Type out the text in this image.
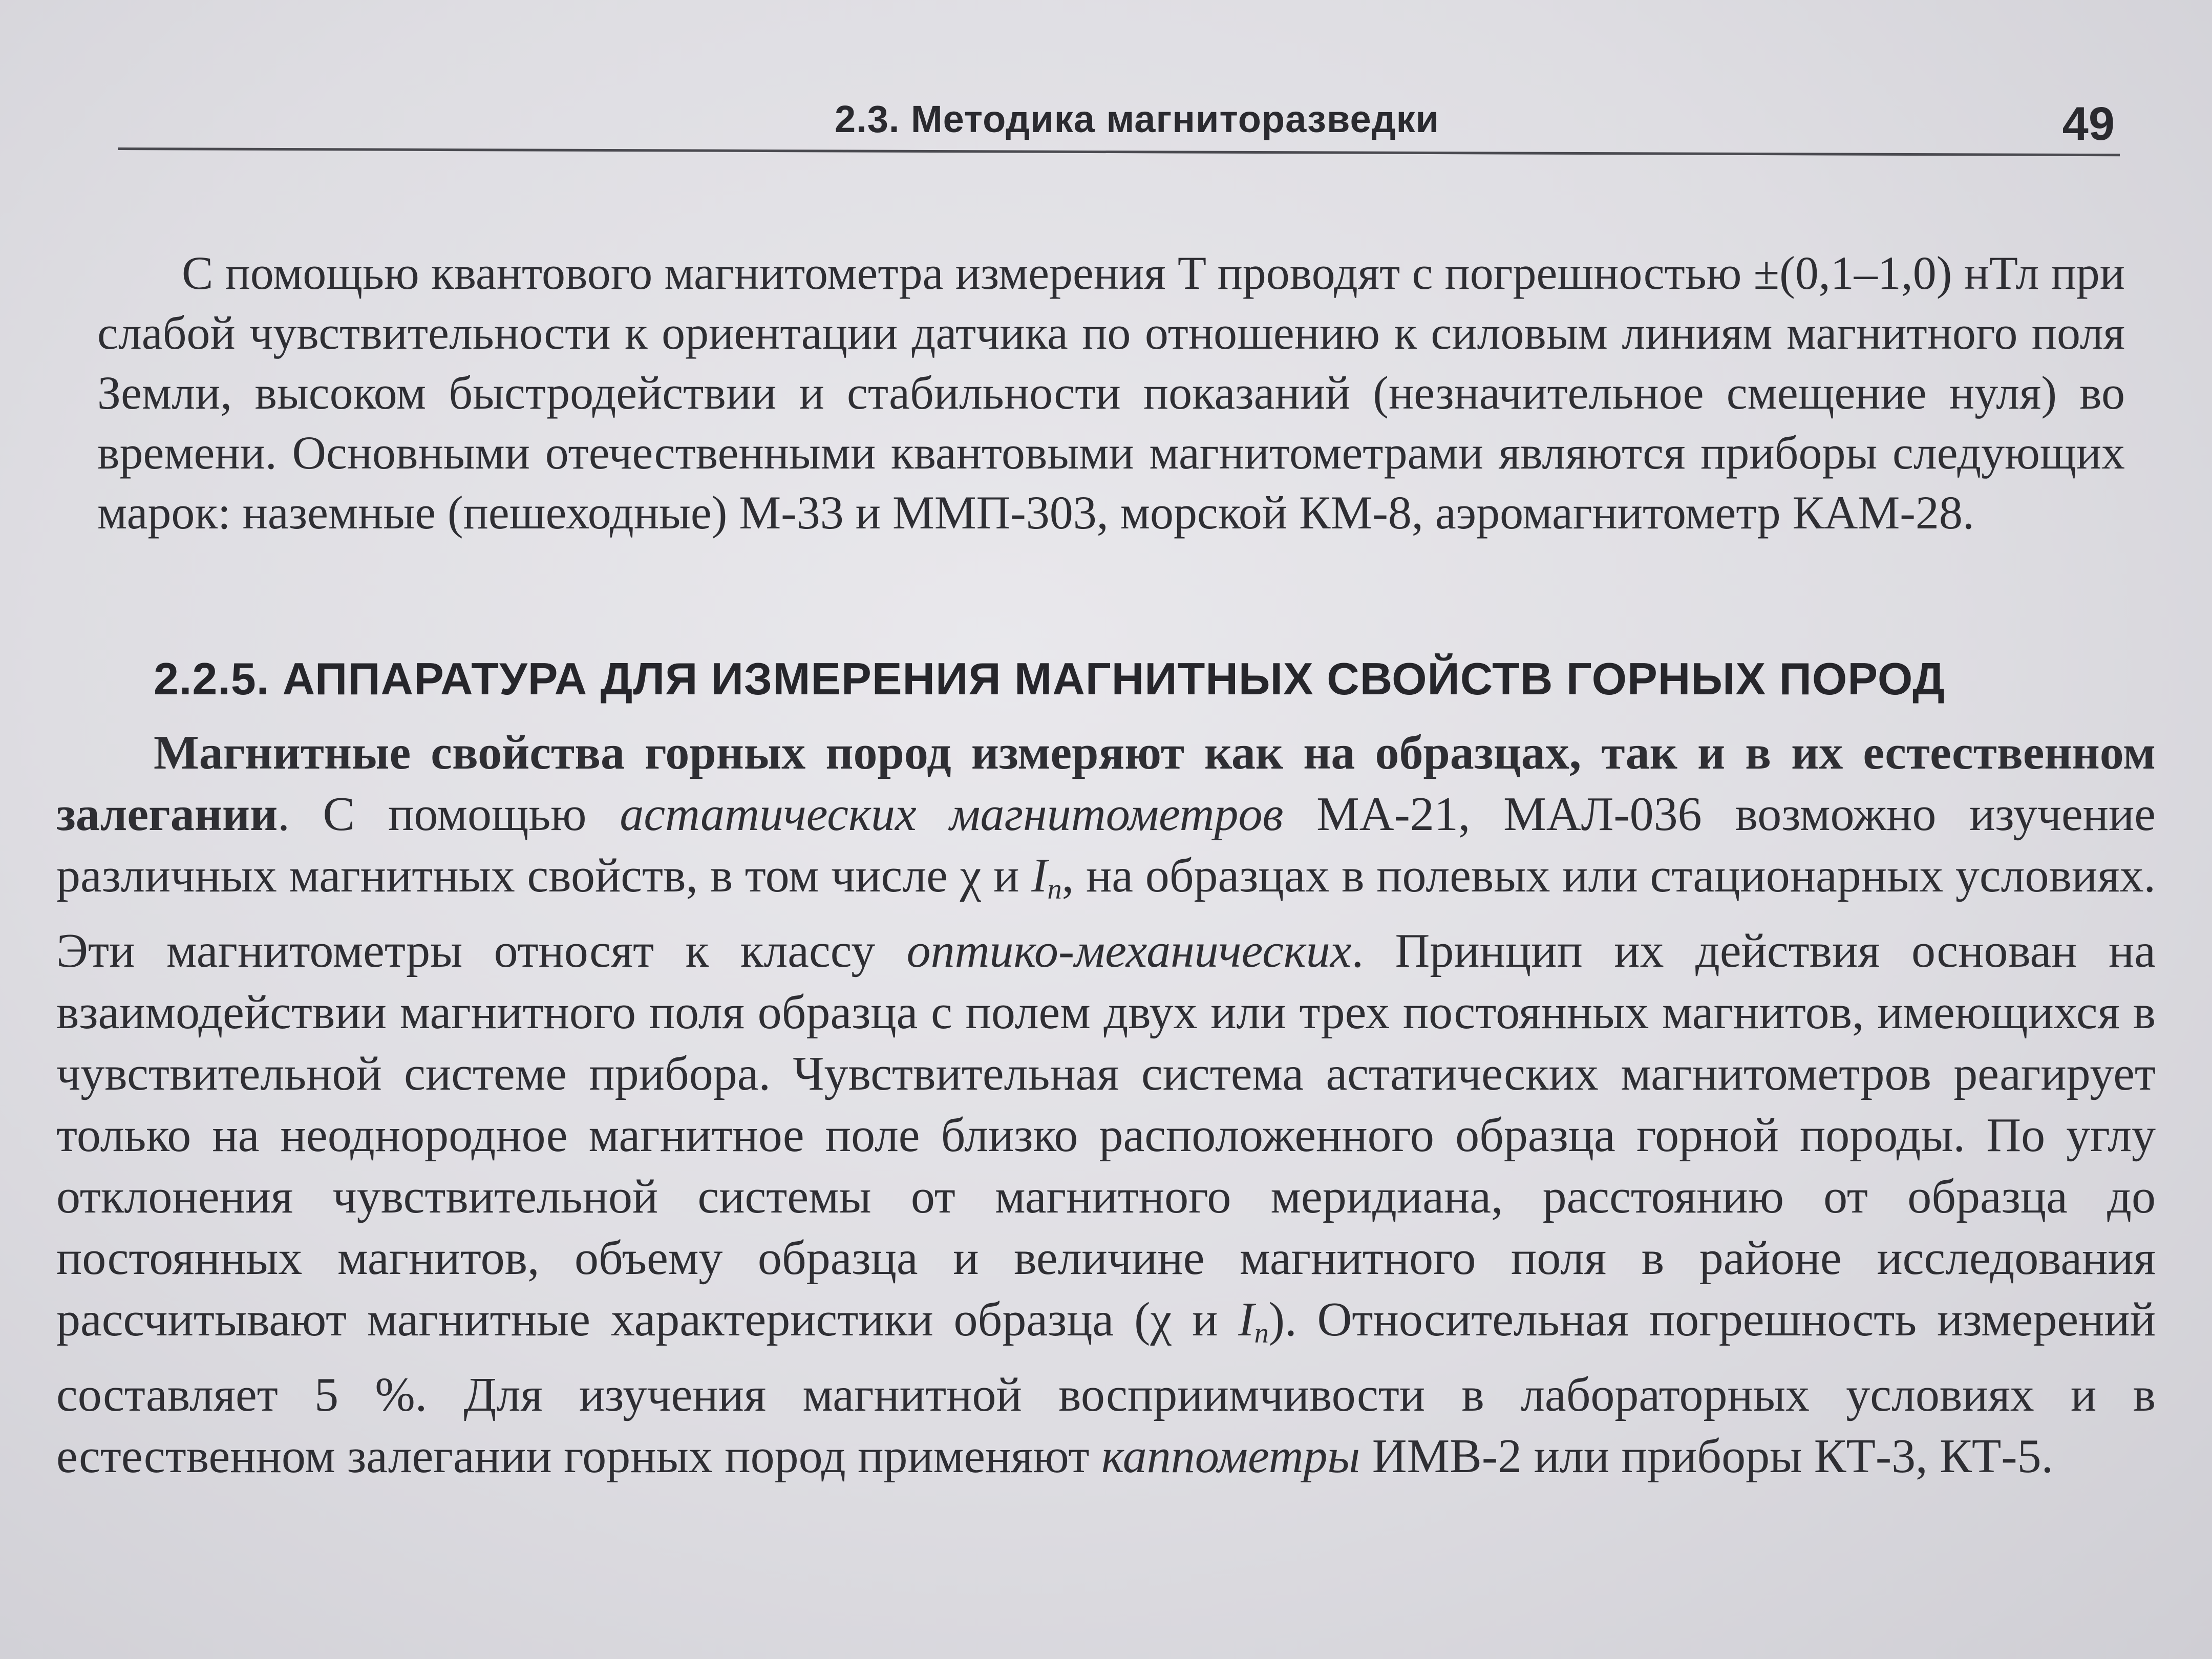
2.3. Методика магниторазведки	49

С помощью квантового магнитометра измерения T проводят с погрешностью ±(0,1–1,0) нТл при слабой чувствительности к ориентации датчика по отношению к силовым линиям магнитного поля Земли, высоком быстродействии и стабильности показаний (незначительное смещение нуля) во времени. Основными отечественными квантовыми магнитометрами являются приборы следующих марок: наземные (пешеходные) М-33 и ММП-303, морской КМ-8, аэромагнитометр КАМ-28.

2.2.5. АППАРАТУРА ДЛЯ ИЗМЕРЕНИЯ МАГНИТНЫХ СВОЙСТВ ГОРНЫХ ПОРОД

Магнитные свойства горных пород измеряют как на образцах, так и в их естественном залегании. С помощью астатических магнитометров МА-21, МАЛ-036 возможно изучение различных магнитных свойств, в том числе χ и $I_n$, на образцах в полевых или стационарных условиях. Эти магнитометры относят к классу оптико-механических. Принцип их действия основан на взаимодействии магнитного поля образца с полем двух или трех постоянных магнитов, имеющихся в чувствительной системе прибора. Чувствительная система астатических магнитометров реагирует только на неоднородное магнитное поле близко расположенного образца горной породы. По углу отклонения чувствительной системы от магнитного меридиана, расстоянию от образца до постоянных магнитов, объему образца и величине магнитного поля в районе исследования рассчитывают магнитные характеристики образца (χ и $I_n$). Относительная погрешность измерений составляет 5 %. Для изучения магнитной восприимчивости в лабораторных условиях и в естественном залегании горных пород применяют каппометры ИМВ-2 или приборы КТ-3, КТ-5.
